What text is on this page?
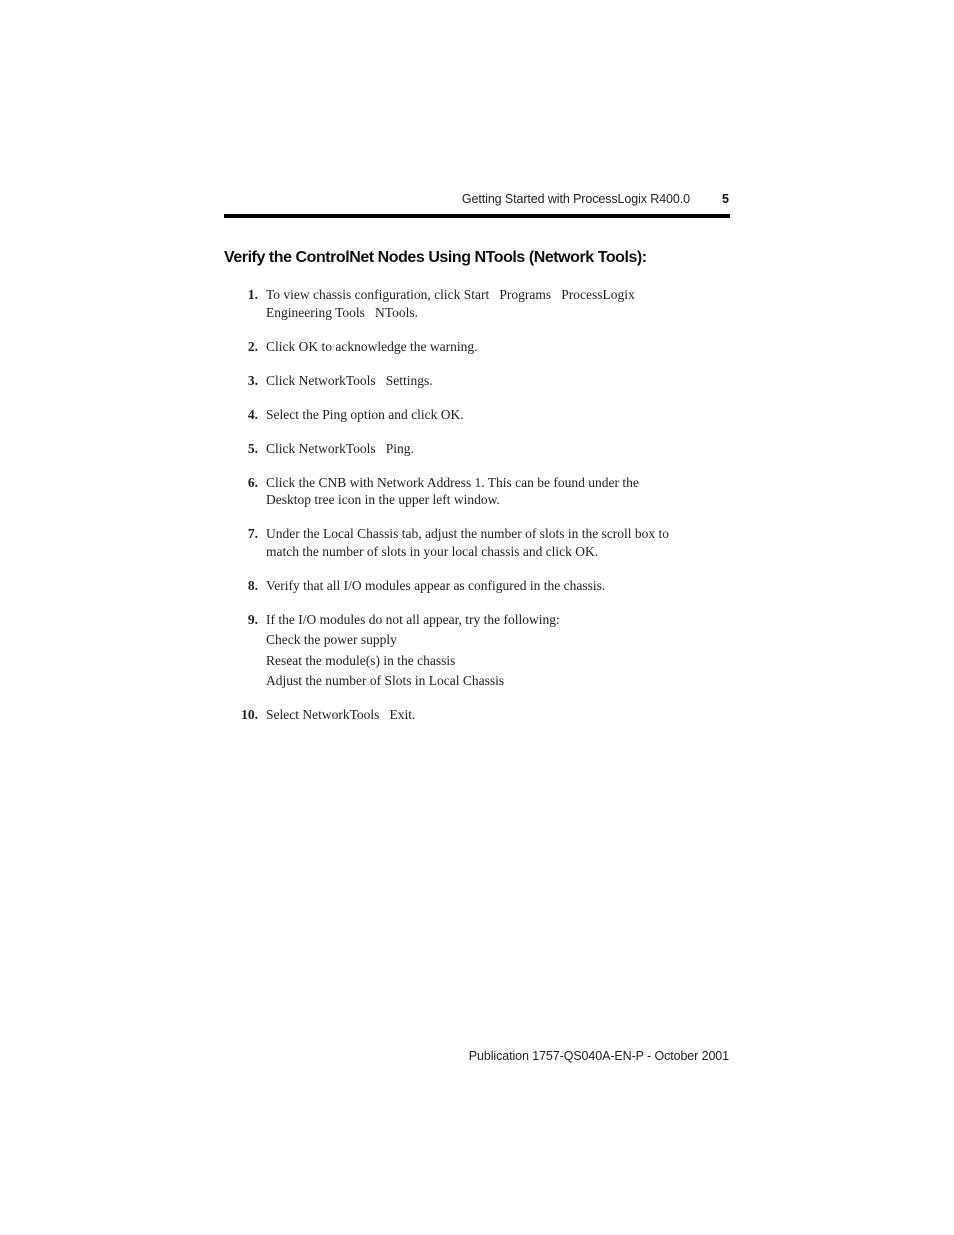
Getting Started with ProcessLogix R400.0	5
Verify the ControlNet Nodes Using NTools (Network Tools):
1. To view chassis configuration, click Start   Programs   ProcessLogix
Engineering Tools   NTools.
2. Click OK to acknowledge the warning.
3. Click NetworkTools   Settings.
4. Select the Ping option and click OK.
5. Click NetworkTools   Ping.
6. Click the CNB with Network Address 1. This can be found under the
Desktop tree icon in the upper left window.
7. Under the Local Chassis tab, adjust the number of slots in the scroll box to
match the number of slots in your local chassis and click OK.
8. Verify that all I/O modules appear as configured in the chassis.
9. If the I/O modules do not all appear, try the following:
Check the power supply
Reseat the module(s) in the chassis
Adjust the number of Slots in Local Chassis
10. Select NetworkTools   Exit.
Publication 1757-QS040A-EN-P - October 2001
